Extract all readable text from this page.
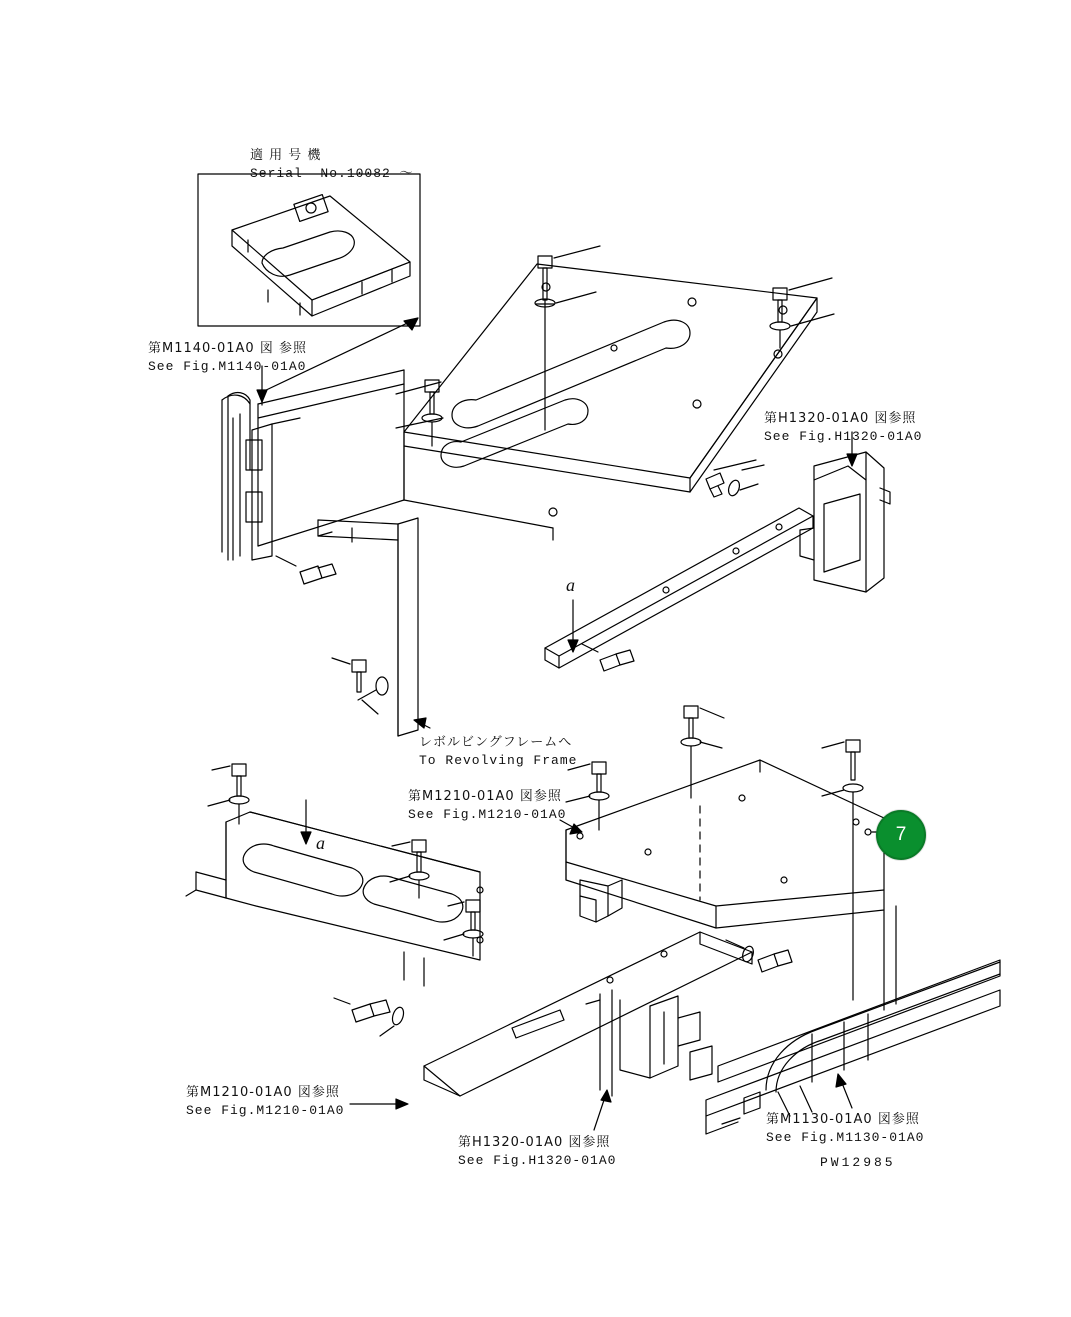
適 用 号 機
Serial  No.10082 ～
第M1140-01A0 図 参照
See Fig.M1140-01A0
第H1320-01A0 図参照
See Fig.H1320-01A0
レボルビングフレームへ
To Revolving Frame
第M1210-01A0 図参照
See Fig.M1210-01A0
第M1210-01A0 図参照
See Fig.M1210-01A0
第H1320-01A0 図参照
See Fig.H1320-01A0
第M1130-01A0 図参照
See Fig.M1130-01A0
PW12985
a
a	7
